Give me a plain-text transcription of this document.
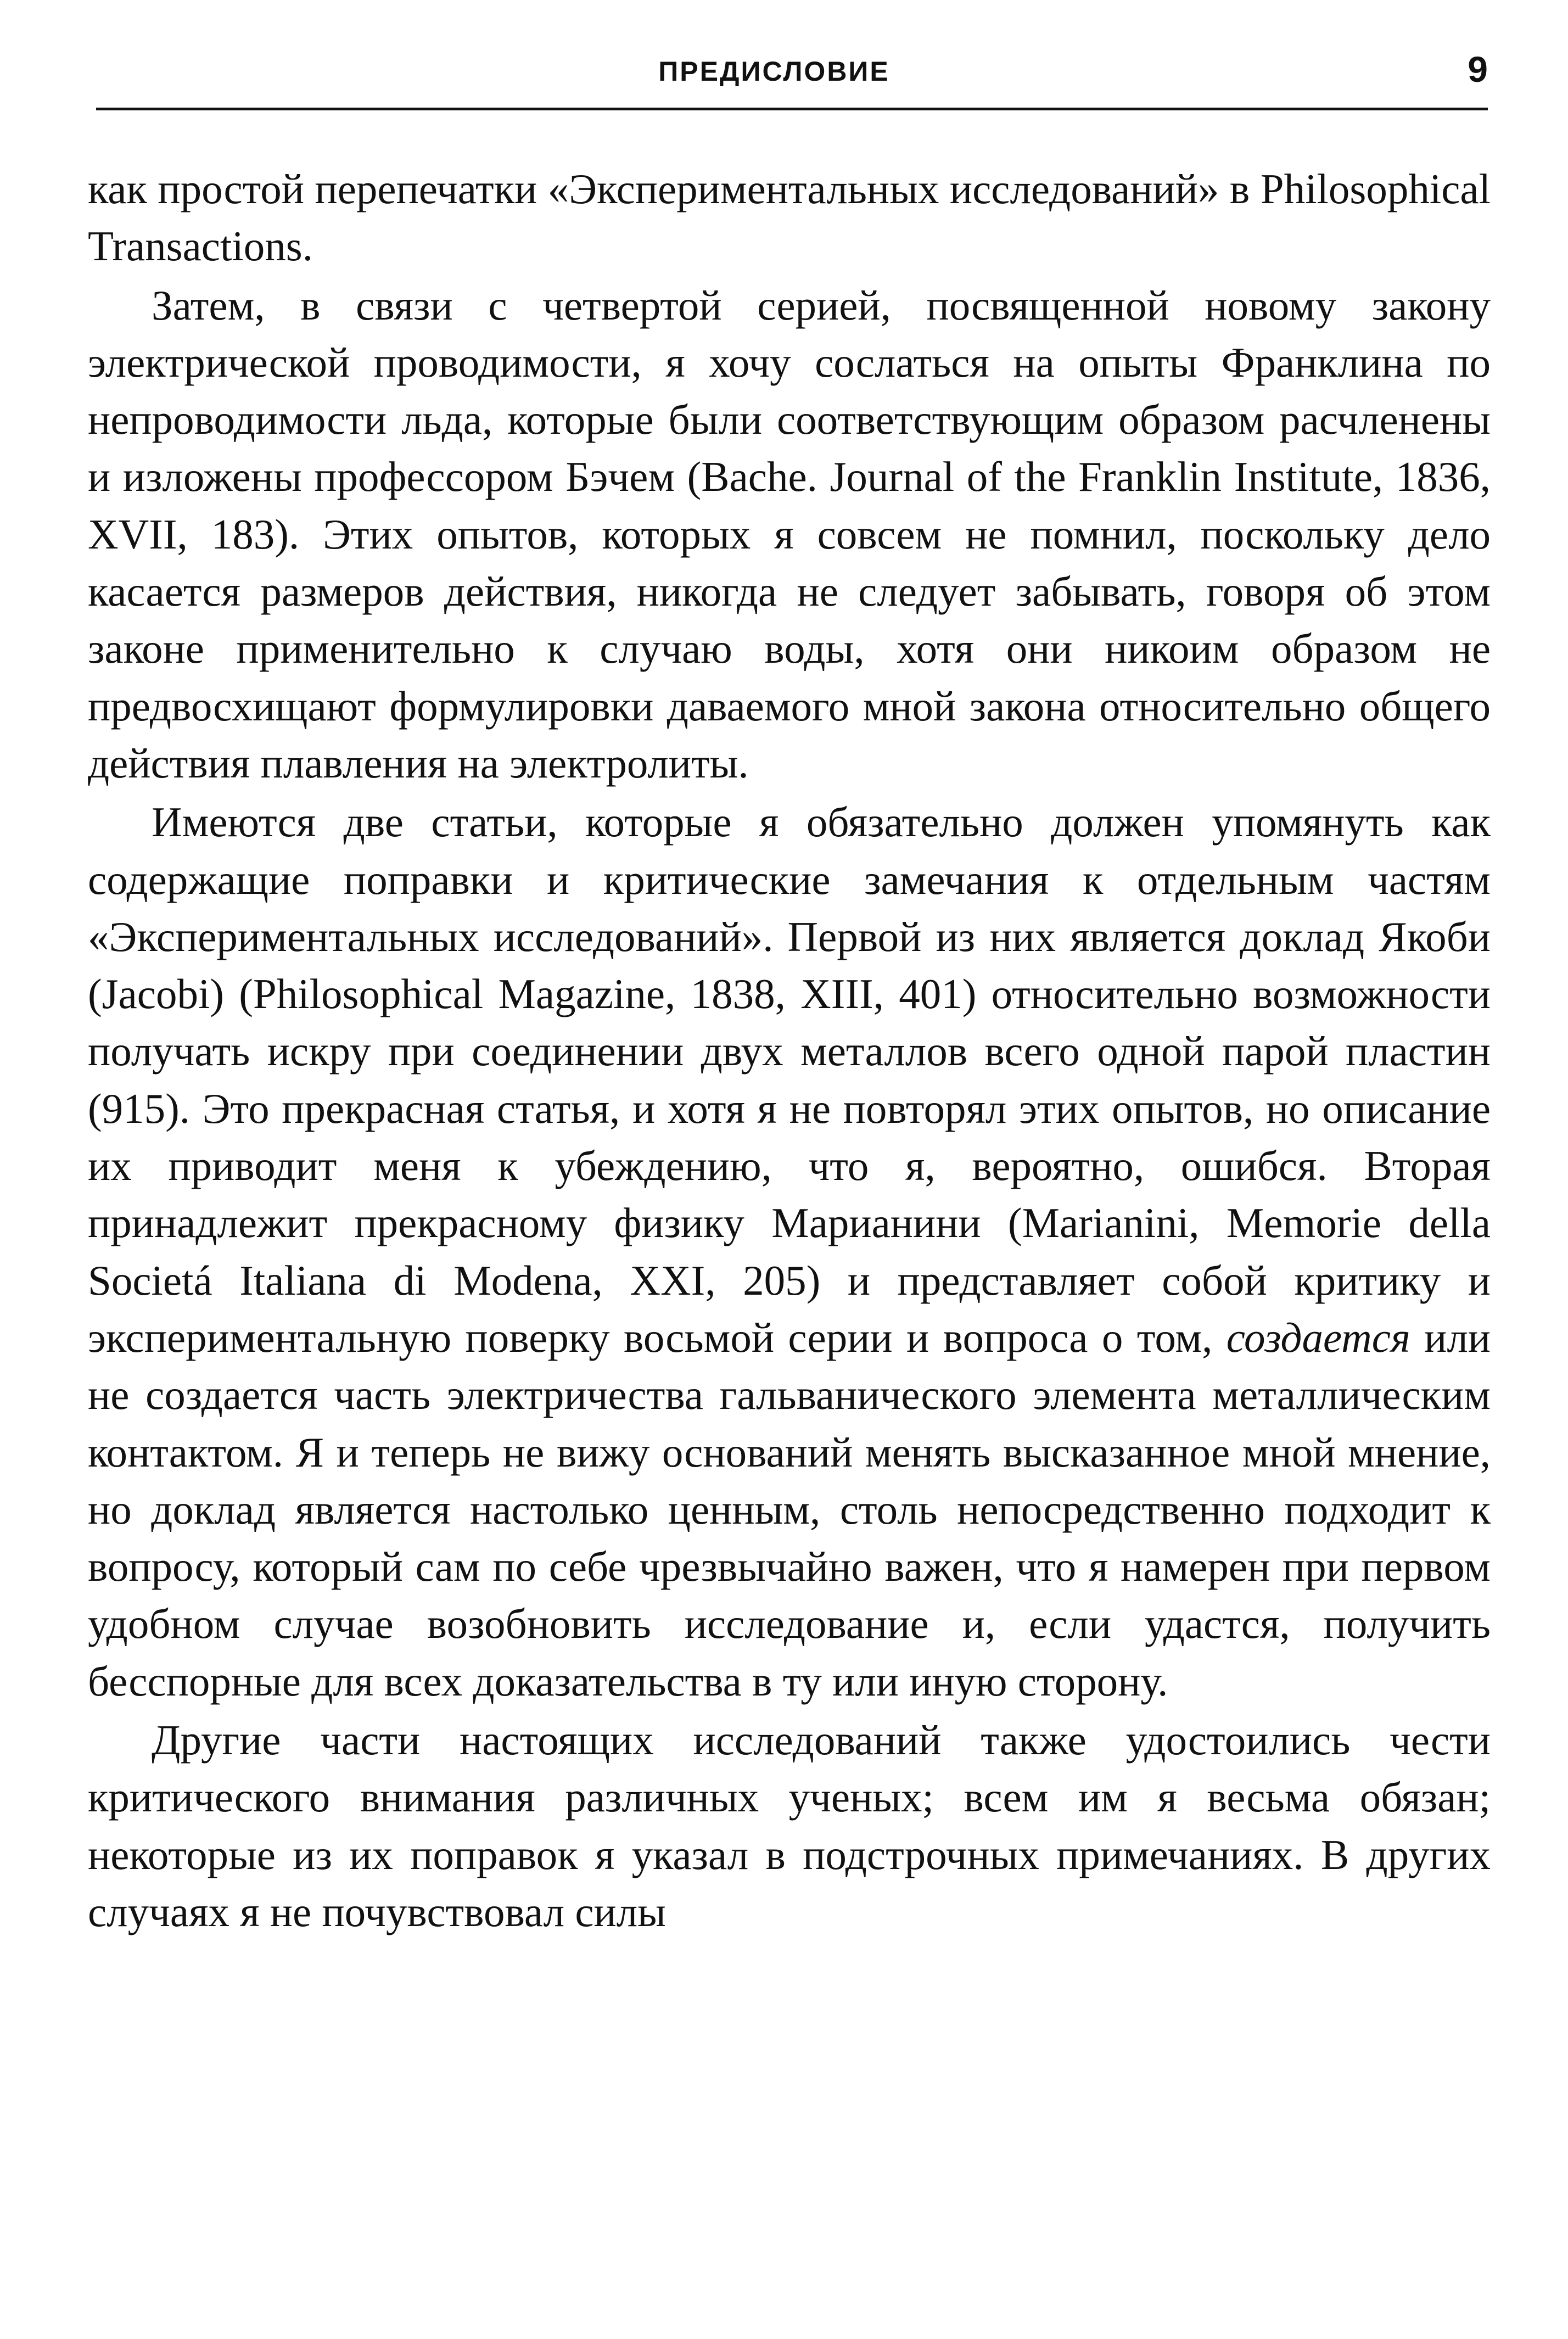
ПРЕДИСЛОВИЕ	9

как простой перепечатки «Экспериментальных исследований» в Philosophical Transactions.

Затем, в связи с четвертой серией, посвященной новому закону электрической проводимости, я хочу сослаться на опыты Франклина по непроводимости льда, которые были соответствующим образом расчленены и изложены профессором Бэчем (Bache. Journal of the Franklin Institute, 1836, XVII, 183). Этих опытов, которых я совсем не помнил, поскольку дело касается размеров действия, никогда не следует забывать, говоря об этом законе применительно к случаю воды, хотя они никоим образом не предвосхищают формулировки даваемого мной закона относительно общего действия плавления на электролиты.

Имеются две статьи, которые я обязательно должен упомянуть как содержащие поправки и критические замечания к отдельным частям «Экспериментальных исследований». Первой из них является доклад Якоби (Jacobi) (Philosophical Magazine, 1838, XIII, 401) относительно возможности получать искру при соединении двух металлов всего одной парой пластин (915). Это прекрасная статья, и хотя я не повторял этих опытов, но описание их приводит меня к убеждению, что я, вероятно, ошибся. Вторая принадлежит прекрасному физику Марианини (Marianini, Memorie della Societá Italiana di Modena, XXI, 205) и представляет собой критику и экспериментальную поверку восьмой серии и вопроса о том, создается или не создается часть электричества гальванического элемента металлическим контактом. Я и теперь не вижу оснований менять высказанное мной мнение, но доклад является настолько ценным, столь непосредственно подходит к вопросу, который сам по себе чрезвычайно важен, что я намерен при первом удобном случае возобновить исследование и, если удастся, получить бесспорные для всех доказательства в ту или иную сторону.

Другие части настоящих исследований также удостоились чести критического внимания различных ученых; всем им я весьма обязан; некоторые из их поправок я указал в подстрочных примечаниях. В других случаях я не почувствовал силы
